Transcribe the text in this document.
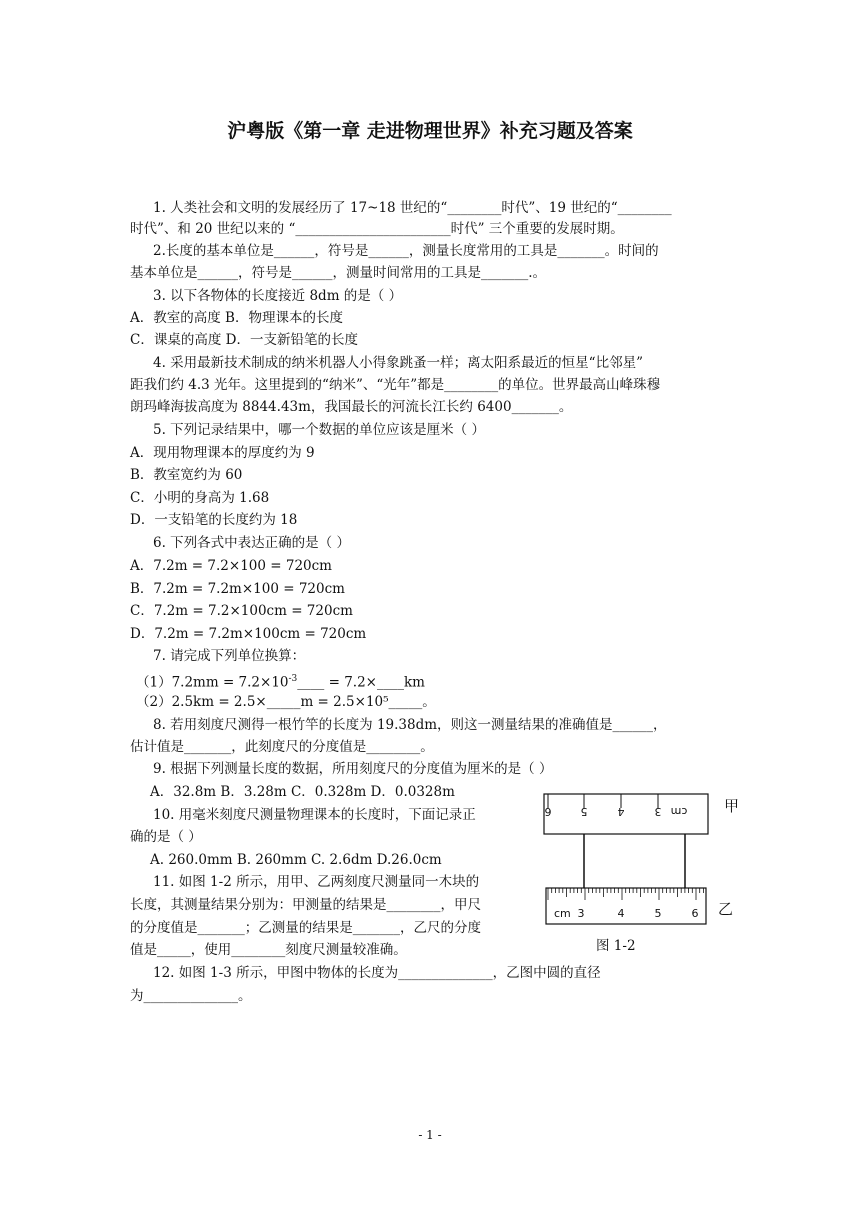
沪粤版《第一章 走进物理世界》补充习题及答案
1. 人类社会和文明的发展经历了 17~18 世纪的“________时代”、19 世纪的“________
时代”、和 20 世纪以来的 “_______________________时代” 三个重要的发展时期。
2.长度的基本单位是______，符号是______，测量长度常用的工具是_______。时间的
基本单位是______，符号是______，测量时间常用的工具是_______.。
3. 以下各物体的长度接近 8dm 的是（ ）
A．教室的高度 B．物理课本的长度
C．课桌的高度 D．一支新铅笔的长度
4. 采用最新技术制成的纳米机器人小得象跳蚤一样；离太阳系最近的恒星“比邻星”
距我们约 4.3 光年。这里提到的“纳米”、“光年”都是________的单位。世界最高山峰珠穆
朗玛峰海拔高度为 8844.43m，我国最长的河流长江长约 6400_______。
5. 下列记录结果中，哪一个数据的单位应该是厘米（ ）
A．现用物理课本的厚度约为 9
B．教室宽约为 60
C．小明的身高为 1.68
D．一支铅笔的长度约为 18
6. 下列各式中表达正确的是（ ）
A．7.2m = 7.2×100 = 720cm
B．7.2m = 7.2m×100 = 720cm
C．7.2m = 7.2×100cm = 720cm
D．7.2m = 7.2m×100cm = 720cm
7. 请完成下列单位换算：
$(1)7.2mm = 7.2\times 10^{-3}\_\_\_\_$ = 7.2×____km
（2）2.5km = 2.5×_____m = 2.5×10⁵_____。
8. 若用刻度尺测得一根竹竿的长度为 19.38dm，则这一测量结果的准确值是______，
估计值是_______，此刻度尺的分度值是________。
9. 根据下列测量长度的数据，所用刻度尺的分度值为厘米的是（ ）
A．32.8m B．3.28m C．0.328m D．0.0328m
10. 用毫米刻度尺测量物理课本的长度时，下面记录正
确的是（ ）
A. 260.0mm B. 260mm C. 2.6dm D.26.0cm
11. 如图 1-2 所示，用甲、乙两刻度尺测量同一木块的
长度，其测量结果分别为：甲测量的结果是________，甲尺
的分度值是_______；乙测量的结果是_______，乙尺的分度
值是_____，使用________刻度尺测量较准确。
12. 如图 1-3 所示，甲图中物体的长度为______________，乙图中圆的直径
为______________。
6	5	4	3 cm
cm 3	4	5	6
甲
乙
图 1-2
- 1 -
